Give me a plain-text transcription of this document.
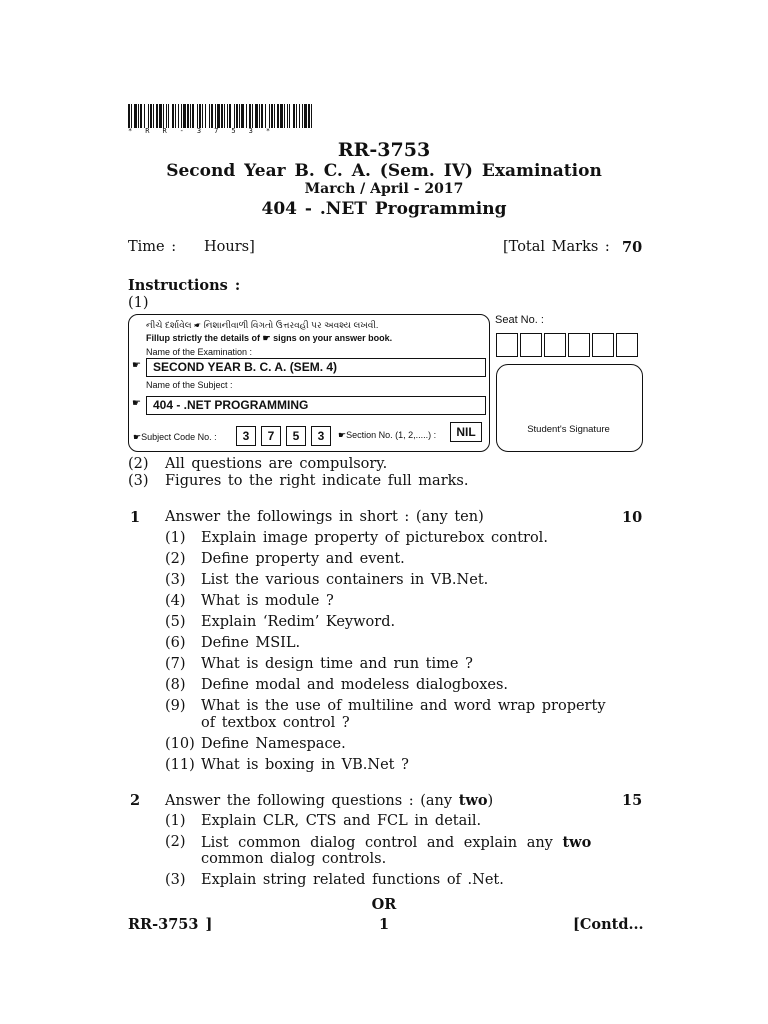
* R R - 3 7 5 3 *
RR-3753
Second Year B. C. A. (Sem. IV) Examination
March / April - 2017
404 - .NET Programming
Time : Hours]	[Total Marks : 70
Instructions :
(1)
નીચે દર્શાવેલ ☛ નિશાનીવાળી વિગતો ઉત્તરવહી પર અવશ્ય લખવી.
Fillup strictly the details of ☛ signs on your answer book.
Name of the Examination :
☛	SECOND YEAR B. C. A. (SEM. 4)
Name of the Subject :
☛	404 - .NET PROGRAMMING
☛Subject Code No. :	3	7	5	3	☛Section No. (1, 2,.....) :	NIL
Seat No. :
Student's Signature
(2) All questions are compulsory.
(3) Figures to the right indicate full marks.
1 Answer the followings in short : (any ten)	10
(1) Explain image property of picturebox control.
(2) Define property and event.
(3) List the various containers in VB.Net.
(4) What is module ?
(5) Explain ‘Redim’ Keyword.
(6) Define MSIL.
(7) What is design time and run time ?
(8) Define modal and modeless dialogboxes.
(9) What is the use of multiline and word wrap property
of textbox control ?
(10) Define Namespace.
(11) What is boxing in VB.Net ?
2 Answer the following questions : (any two)	15
(1) Explain CLR, CTS and FCL in detail.
(2) List common dialog control and explain any two
common dialog controls.
(3) Explain string related functions of .Net.
OR
RR-3753 ]	1	[Contd...
